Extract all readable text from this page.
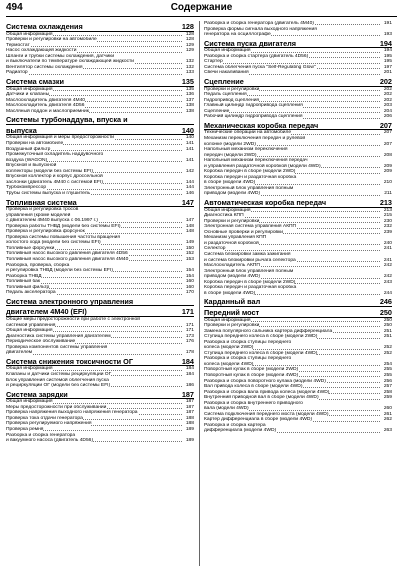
494	Содержание
Система охлаждения	128
Общая информация	128
Проверки и регулировки на автомобиле	128
Термостат	129
Насос охлаждающей жидкости	129
Шланги и трубки системы охлаждения, датчики
и выключатели по температуре охлаждающей жидкости	132
Вентилятор системы охлаждения	132
Радиатор	133
Система смазки	135
Общая информация	135
Датчики и клапаны	136
Маслоохладитель двигателя 4M40	137
Маслоохладитель двигателя 4D56	138
Масляный поддон и маслоприемник	138
Системы турбонаддува, впуска и
выпуска	140
Общая информация и меры предосторожности	140
Проверки на автомобиле	141
Воздушный фильтр	141
Промежуточный охладитель наддувочного
воздуха (WAGON)	141
Впускной и выпускной
коллекторы (модели без системы EFI)	142
Впускной коллектор и корпус дроссельной
заслонки (двигатель 4M40 с системой EFI)	144
Турбокомпрессор	144
Трубы системы выпуска и глушитель	146
Топливная система	147
Проверка и регулировка тросов
управления (кроме моделей
с двигателем 4M40 выпуска с 06.1997 г.)	147
Проверка работы ТНВД (модели без системы EFI)	148
Проверка и регулировка форсунок	148
Проверка системы повышения частоты вращения
холостого хода (модели без системы EFI)	149
Топливные форсунки	150
Топливный насос высокого давления двигателя 4D56	152
Топливный насос высокого давления двигателя 4M40	153
Разборка, проверка, сборка
и регулировка ТНВД (модели без системы EFI)	154
Разборка ТНВД	154
Топливный бак	160
Топливный фильтр	160
Педаль акселератора	170
Система электронного управления
двигателем 4M40 (EFI)	171
Общие меры предосторожности при работе с электронной
системой управления	171
Общая информация	171
Диагностика системы управления двигателем	173
Периодическое обслуживание	176
Проверка компонентов системы управления
двигателем	178
Система снижения токсичности ОГ	184
Общая информация	184
Клапаны и датчики системы рециркуляции ОГ	184
Блок управления системой облегчения пуска
и рециркуляции ОГ (модели без системы EFI)	186
Система зарядки	187
Общая информация	187
Меры предосторожности при обслуживании	187
Проверка напряжения выходного напряжения генератора	187
Проверка тока отдачи генератора	188
Проверка регулируемого напряжения	188
Проверка ремня	189
Разборка и сборка генератора
и вакуумного насоса (двигатель 4D56)	189
Разборка и сборка генератора (двигатель 4M40)	191
Проверка формы сигнала выходного напряжения
генератора на осциллографе	193
Система пуска двигателя	194
Общая информация	194
Разборка и сборка стартера (двигатель 4D56)	195
Стартер	195
Система облегчения пуска "Self-Regulating Glow"	197
Свечи накаливания	201
Сцепление	202
Проверки и регулировки	202
Педаль сцепления	202
Гидропривод сцепления	202
Главный цилиндр гидропривода сцепления	203
Сцепление	204
Рабочий цилиндр гидропривода сцепления	206
Механическая коробка передач	207
Технические операции на автомобиле	207
Механизм переключения передач и рулевой
колонке (модели 2WD)	207
Напольный механизм переключения
передач (модели 2WD)	208
Напольный механизм переключения передач
и управления раздаточной коробкой (модели 4WD)	209
Коробка передач в сборе (модели 2WD)	209
Коробка передач и раздаточная коробка
в сборе (модели 4WD)	210
Электронный блок управления полным
приводом (модели 4WD)	211
Автоматическая коробка передач	213
Общая информация	213
Диагностика КПП	215
Проверки и регулировки	230
Электронная система управления АКПП	232
Основные проверки и регулировки	239
Механизм управления КПП
и раздаточной коробкой	240
Селектор	241
Система блокировки замка зажигания
и система блокировки рычага селектора	241
Маслоохладитель АКПП	242
Электронный блок управления полным
приводом (модели 4WD)	242
Коробка передач в сборе (модели 2WD)	243
Коробка передач и раздаточная коробка
в сборе (модели 4WD)	244
Карданный вал	246
Передний мост	250
Общая информация	250
Проверки и регулировки	250
Замена популярного сальника картера дифференциала	251
Ступица переднего колеса в сборе (модели 2WD)	251
Разборка и сборка ступицы переднего
колеса (модели 2WD)	252
Ступица переднего колеса в сборе (модели 4WD)	252
Разборка и сборка ступицы переднего
колеса (модели 4WD)	254
Поворотный кулак в сборе (модели 2WD)	255
Поворотный кулак в сборе (модели 4WD)	255
Разборка и сборка поворотного кулака (модели 4WD)	256
Вал привода колеса в сборе (модели 4WD)	257
Разборка и сборка вала привода колеса (модели 4WD)	258
Внутренний приводной вал в сборе (модели 4WD)	259
Разборка и сборка внутреннего приводного
вала (модели 4WD)	260
Система подключения переднего моста (модели 4WD)	261
Картер дифференциала в сборе (модели 4WD)	262
Разборка и сборка картера
дифференциала (модели 4WD)	263
